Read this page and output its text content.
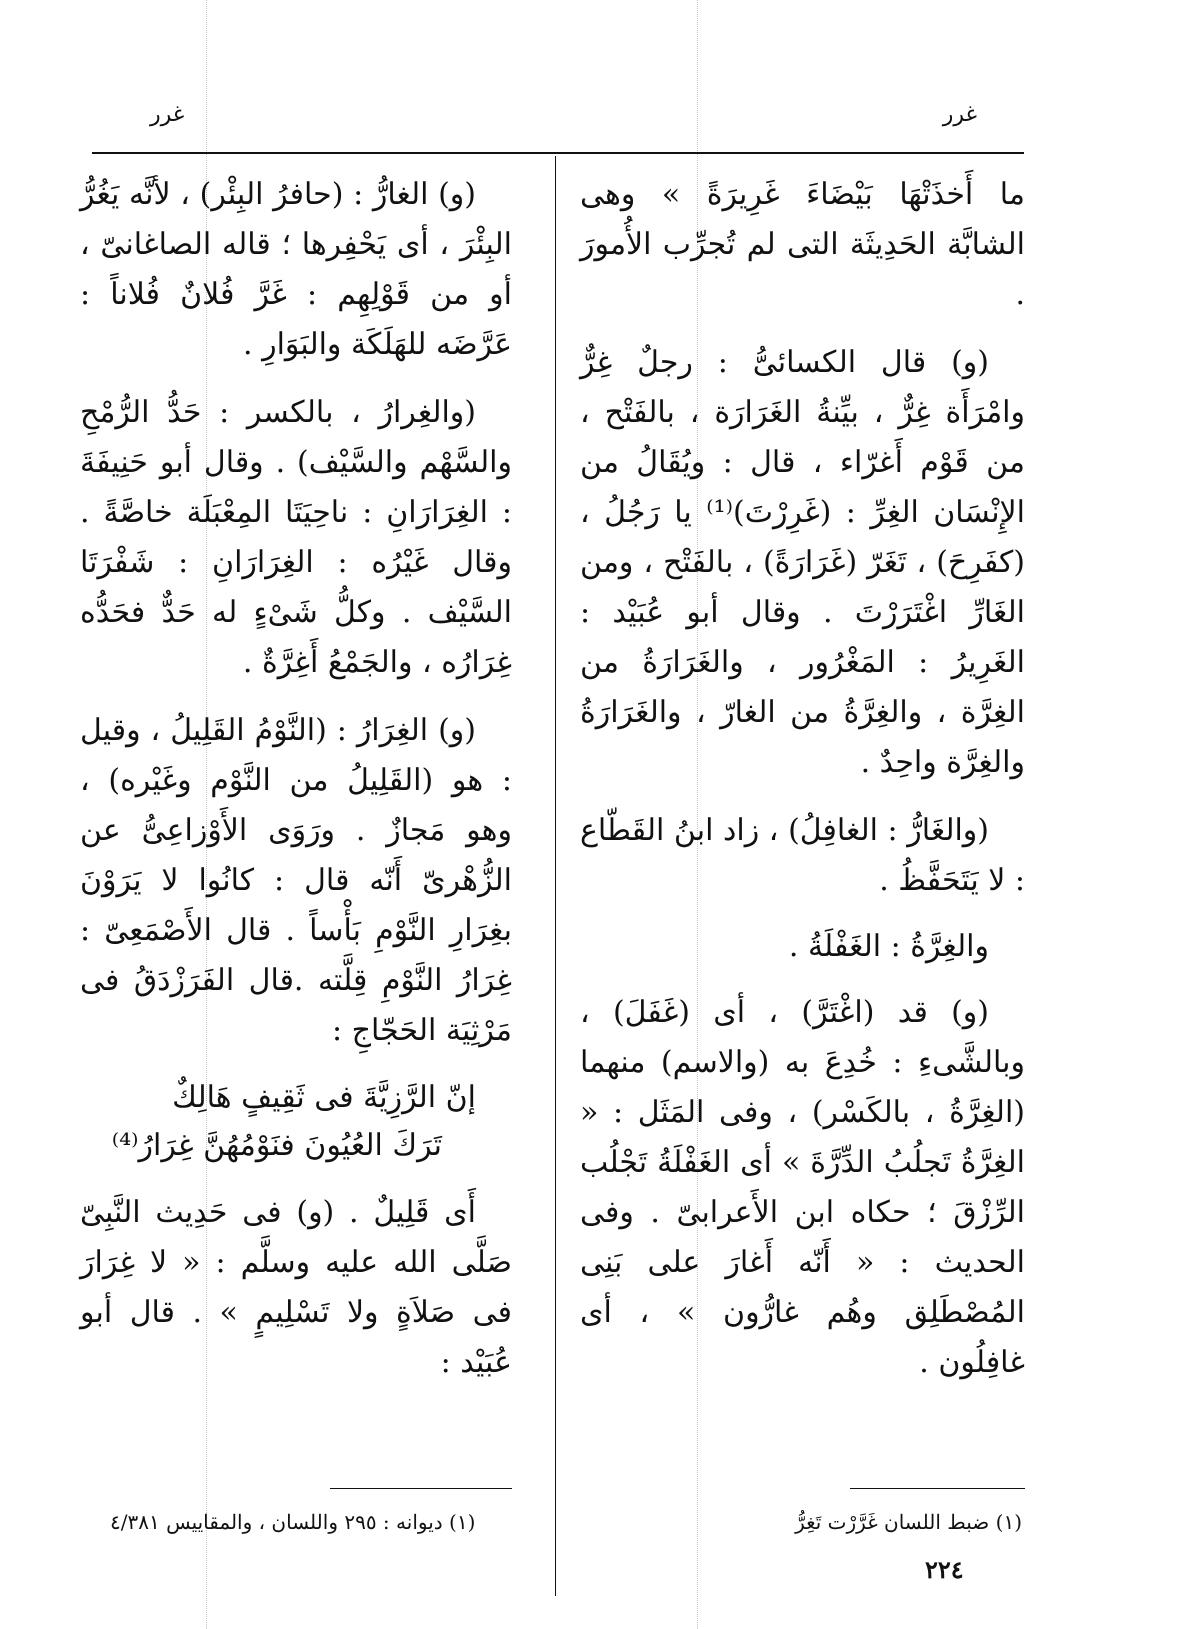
غرر
غرر

ما أَخذَتْهَا بَيْضَاءَ غَرِيرَةً » وهى الشابَّة الحَدِيثَة التى لم تُجرِّب الأُمورَ .

(و) قال الكسائىُّ : رجلٌ غِرٌّ وامْرَأَة غِرٌّ ، بيِّنةُ الغَرَارَة ، بالفَتْح ، من قَوْم أَغرّاء ، قال : ويُقَالُ من الإِنْسَان الغِرِّ : (غَرِرْتَ)⁽¹⁾ يا رَجُلُ ، (كفَرِحَ) ، تَغَرّ (غَرَارَةً) ، بالفَتْح ، ومن الغَارِّ اغْتَرَرْتَ . وقال أبو عُبَيْد : الغَرِيرُ : المَغْرُور ، والغَرَارَةُ من الغِرَّة ، والغِرَّةُ من الغارّ ، والغَرَارَةُ والغِرَّة واحِدٌ .

(والغَارُّ : الغافِلُ) ، زاد ابنُ القَطّاع : لا يَتَحَفَّظُ .

والغِرَّةُ : الغَفْلَةُ .

(و) قد (اغْتَرَّ) ، أى (غَفَلَ) ، وبالشَّىءِ : خُدِعَ به (والاسم) منهما (الغِرَّةُ ، بالكَسْر) ، وفى المَثَل : « الغِرَّةُ تَجلُبُ الدِّرَّةَ » أى الغَفْلَةُ تَجْلُب الرِّزْقَ ؛ حكاه ابن الأَعرابىّ . وفى الحديث : « أَنّه أَغارَ على بَنِى المُصْطَلِق وهُم غارُّون » ، أى غافِلُون .

(و) الغارُّ : (حافرُ البِئْر) ، لأنَّه يَغُرُّ البِئْرَ ، أى يَحْفِرها ؛ قاله الصاغانىّ ، أو من قَوْلِهِم : غَرَّ فُلانٌ فُلاناً : عَرَّضَه للهَلَكَة والبَوَارِ .

(والغِرارُ ، بالكسر : حَدُّ الرُّمْحِ والسَّهْم والسَّيْف) . وقال أبو حَنِيفَةَ : الغِرَارَانِ : ناحِيَتَا المِعْبَلَة خاصَّةً . وقال غَيْرُه : الغِرَارَانِ : شَفْرَتَا السَّيْف . وكلُّ شَىْءٍ له حَدٌّ فحَدُّه غِرَارُه ، والجَمْعُ أَغِرَّةٌ .

(و) الغِرَارُ : (النَّوْمُ القَلِيلُ ، وقيل : هو (القَلِيلُ من النَّوْم وغَيْره) ، وهو مَجازٌ . ورَوَى الأَوْزاعِىُّ عن الزُّهْرىّ أَنّه قال : كانُوا لا يَرَوْنَ بغِرَارِ النَّوْمِ بَأْساً . قال الأَصْمَعِىّ : غِرَارُ النَّوْمِ قِلَّته .قال الفَرَزْدَقُ فى مَرْثِيَة الحَجّاجِ :

إنّ الرَّزِيَّةَ فى ثَقِيفٍ هَالِكٌ
تَرَكَ العُيُونَ فنَوْمُهُنَّ غِرَارُ⁽⁴⁾

أَى قَلِيلٌ . (و) فى حَدِيث النَّبِىّ صَلَّى الله عليه وسلَّم : « لا غِرَارَ فى صَلاَةٍ ولا تَسْلِيمٍ » . قال أبو عُبَيْد :

(١) ضبط اللسان غَرَّرْت تَغِرُّ
(١) ديوانه : ٢٩٥ واللسان ، والمقاييس ٤/٣٨١
٢٢٤
